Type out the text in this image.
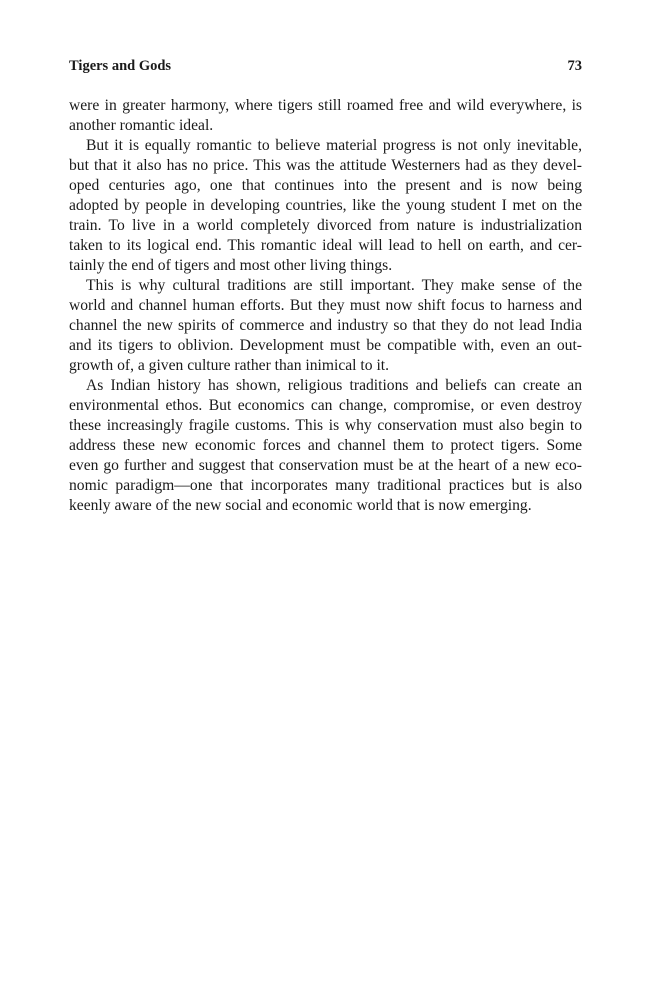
Tigers and Gods	73
were in greater harmony, where tigers still roamed free and wild everywhere, is
another romantic ideal.
But it is equally romantic to believe material progress is not only inevitable,
but that it also has no price. This was the attitude Westerners had as they devel-
oped centuries ago, one that continues into the present and is now being
adopted by people in developing countries, like the young student I met on the
train. To live in a world completely divorced from nature is industrialization
taken to its logical end. This romantic ideal will lead to hell on earth, and cer-
tainly the end of tigers and most other living things.
This is why cultural traditions are still important. They make sense of the
world and channel human efforts. But they must now shift focus to harness and
channel the new spirits of commerce and industry so that they do not lead India
and its tigers to oblivion. Development must be compatible with, even an out-
growth of, a given culture rather than inimical to it.
As Indian history has shown, religious traditions and beliefs can create an
environmental ethos. But economics can change, compromise, or even destroy
these increasingly fragile customs. This is why conservation must also begin to
address these new economic forces and channel them to protect tigers. Some
even go further and suggest that conservation must be at the heart of a new eco-
nomic paradigm—one that incorporates many traditional practices but is also
keenly aware of the new social and economic world that is now emerging.
